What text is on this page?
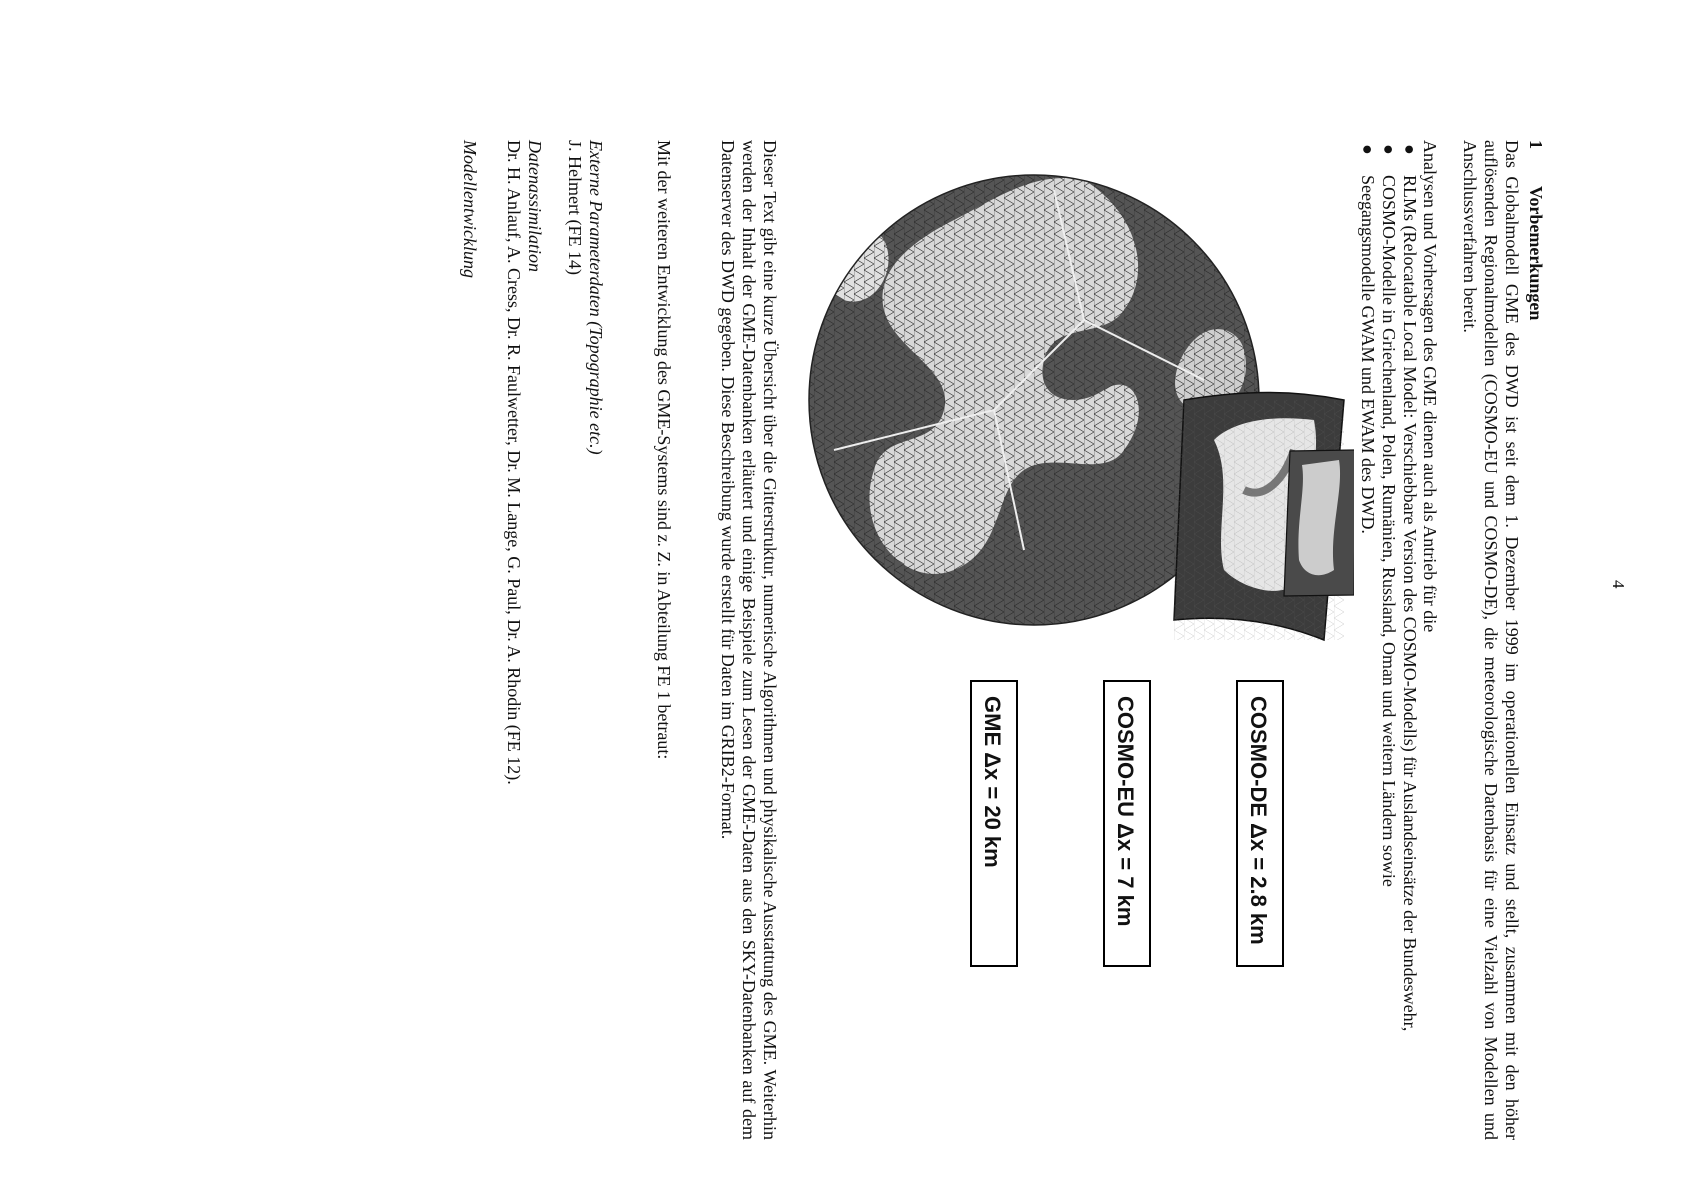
4
1Vorbemerkungen
Das Globalmodell GME des DWD ist seit dem 1. Dezember 1999 im operationellen Einsatz und stellt, zusammen mit den höher auflösenden Regionalmodellen (COSMO-EU und COSMO-DE), die meteorologische Datenbasis für eine Vielzahl von Modellen und Anschlussverfahren bereit.
Analysen und Vorhersagen des GME dienen auch als Antrieb für die
●
RLMs (Relocatable Local Model: Verschiebbare Version des COSMO-Modells) für Auslandseinsätze der Bundeswehr,
●
COSMO-Modelle in Griechenland, Polen, Rumänien, Russland, Oman und weitern Ländern sowie
●
Seegangsmodelle GWAM und EWAM des DWD.
COSMO-DE Δx = 2.8 km
COSMO-EU Δx = 7 km
GME Δx = 20 km
Dieser Text gibt eine kurze Übersicht über die Gitterstruktur, numerische Algorithmen und physikalische Ausstattung des GME. Weiterhin werden der Inhalt der GME-Datenbanken erläutert und einige Beispiele zum Lesen der GME-Daten aus den SKY-Datenbanken auf dem Datenserver des DWD gegeben. Diese Beschreibung wurde erstellt für Daten im GRIB2-Format.
Mit der weiteren Entwicklung des GME-Systems sind z. Z. in Abteilung FE 1 betraut:
Externe Parameterdaten (Topographie etc.)
J. Helmert (FE 14)
Datenassimilation
Dr. H. Anlauf, A. Cress, Dr. R. Faulwetter, Dr. M. Lange, G. Paul, Dr. A. Rhodin (FE 12).
Modellentwicklung
